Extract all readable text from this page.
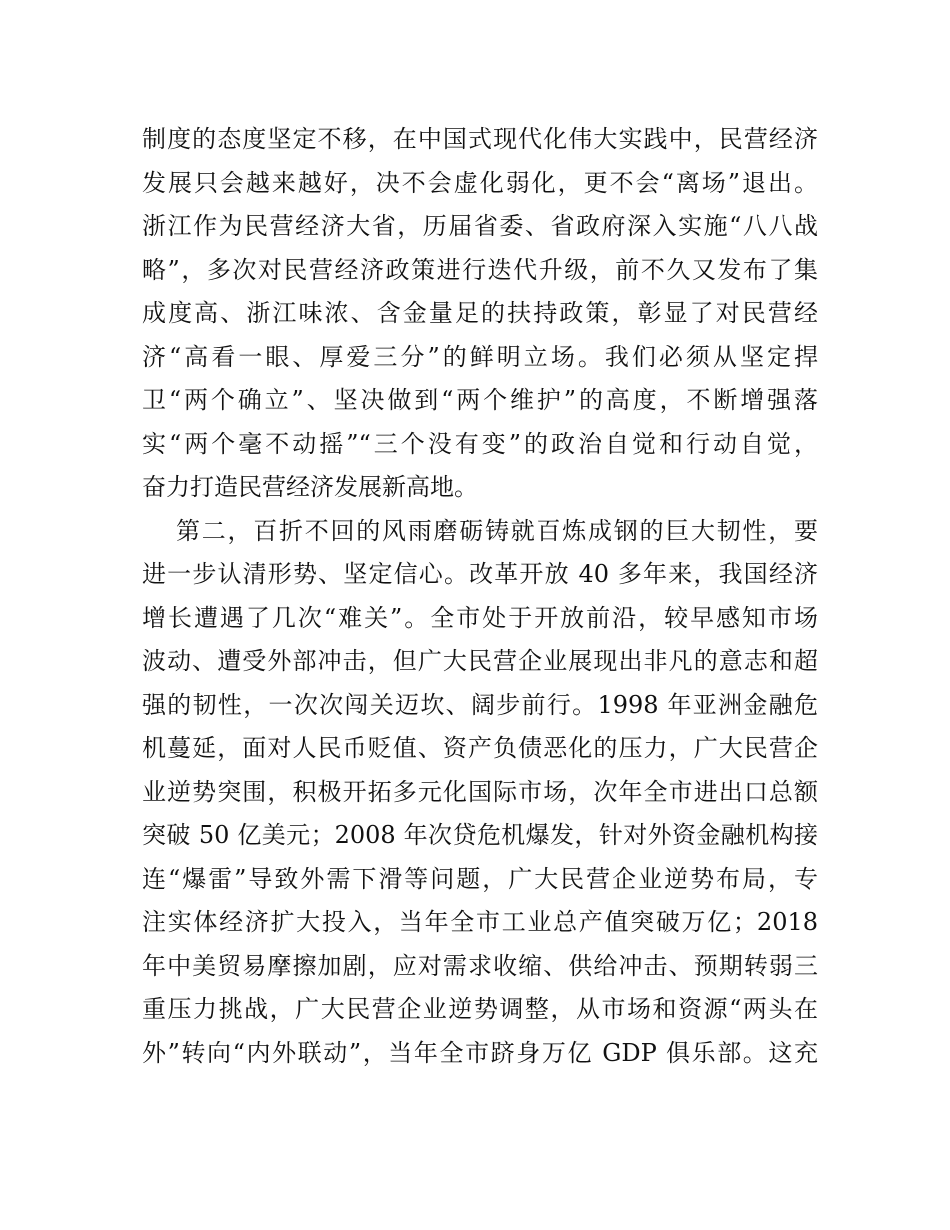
制度的态度坚定不移，在中国式现代化伟大实践中，民营经济
发展只会越来越好，决不会虚化弱化，更不会“离场”退出。
浙江作为民营经济大省，历届省委、省政府深入实施“八八战
略”，多次对民营经济政策进行迭代升级，前不久又发布了集
成度高、浙江味浓、含金量足的扶持政策，彰显了对民营经
济“高看一眼、厚爱三分”的鲜明立场。我们必须从坚定捍
卫“两个确立”、坚决做到“两个维护”的高度，不断增强落
实“两个毫不动摇”“三个没有变”的政治自觉和行动自觉，
奋力打造民营经济发展新高地。
第二，百折不回的风雨磨砺铸就百炼成钢的巨大韧性，要
进一步认清形势、坚定信心。改革开放 40 多年来，我国经济
增长遭遇了几次“难关”。全市处于开放前沿，较早感知市场
波动、遭受外部冲击，但广大民营企业展现出非凡的意志和超
强的韧性，一次次闯关迈坎、阔步前行。1998 年亚洲金融危
机蔓延，面对人民币贬值、资产负债恶化的压力，广大民营企
业逆势突围，积极开拓多元化国际市场，次年全市进出口总额
突破 50 亿美元；2008 年次贷危机爆发，针对外资金融机构接
连“爆雷”导致外需下滑等问题，广大民营企业逆势布局，专
注实体经济扩大投入，当年全市工业总产值突破万亿；2018
年中美贸易摩擦加剧，应对需求收缩、供给冲击、预期转弱三
重压力挑战，广大民营企业逆势调整，从市场和资源“两头在
外”转向“内外联动”，当年全市跻身万亿 GDP 俱乐部。这充
